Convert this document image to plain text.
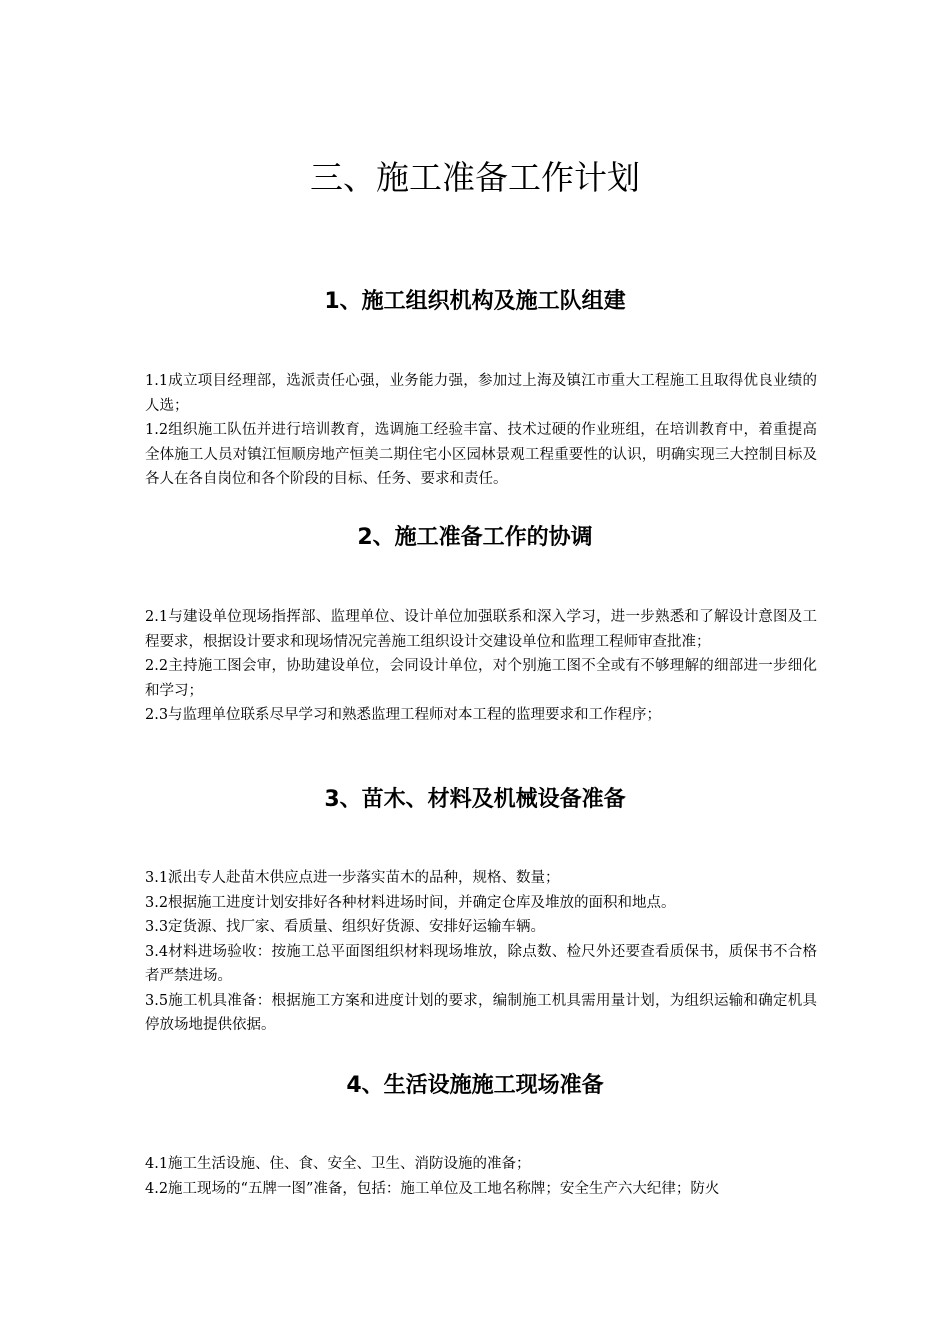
三、施工准备工作计划
1、施工组织机构及施工队组建

1.1成立项目经理部，选派责任心强，业务能力强，参加过上海及镇江市重大工程施工且取得优良业绩的人选；

1.2组织施工队伍并进行培训教育，选调施工经验丰富、技术过硬的作业班组，在培训教育中，着重提高全体施工人员对镇江恒顺房地产恒美二期住宅小区园林景观工程重要性的认识，明确实现三大控制目标及各人在各自岗位和各个阶段的目标、任务、要求和责任。

2、施工准备工作的协调

2.1与建设单位现场指挥部、监理单位、设计单位加强联系和深入学习，进一步熟悉和了解设计意图及工程要求，根据设计要求和现场情况完善施工组织设计交建设单位和监理工程师审查批准；

2.2主持施工图会审，协助建设单位，会同设计单位，对个别施工图不全或有不够理解的细部进一步细化和学习；

2.3与监理单位联系尽早学习和熟悉监理工程师对本工程的监理要求和工作程序；

3、苗木、材料及机械设备准备

3.1派出专人赴苗木供应点进一步落实苗木的品种，规格、数量；

3.2根据施工进度计划安排好各种材料进场时间，并确定仓库及堆放的面积和地点。

3.3定货源、找厂家、看质量、组织好货源、安排好运输车辆。

3.4材料进场验收：按施工总平面图组织材料现场堆放，除点数、检尺外还要查看质保书，质保书不合格者严禁进场。

3.5施工机具准备：根据施工方案和进度计划的要求，编制施工机具需用量计划，为组织运输和确定机具停放场地提供依据。

4、生活设施施工现场准备

4.1施工生活设施、住、食、安全、卫生、消防设施的准备；

4.2施工现场的“五牌一图”准备，包括：施工单位及工地名称牌；安全生产六大纪律；防火
